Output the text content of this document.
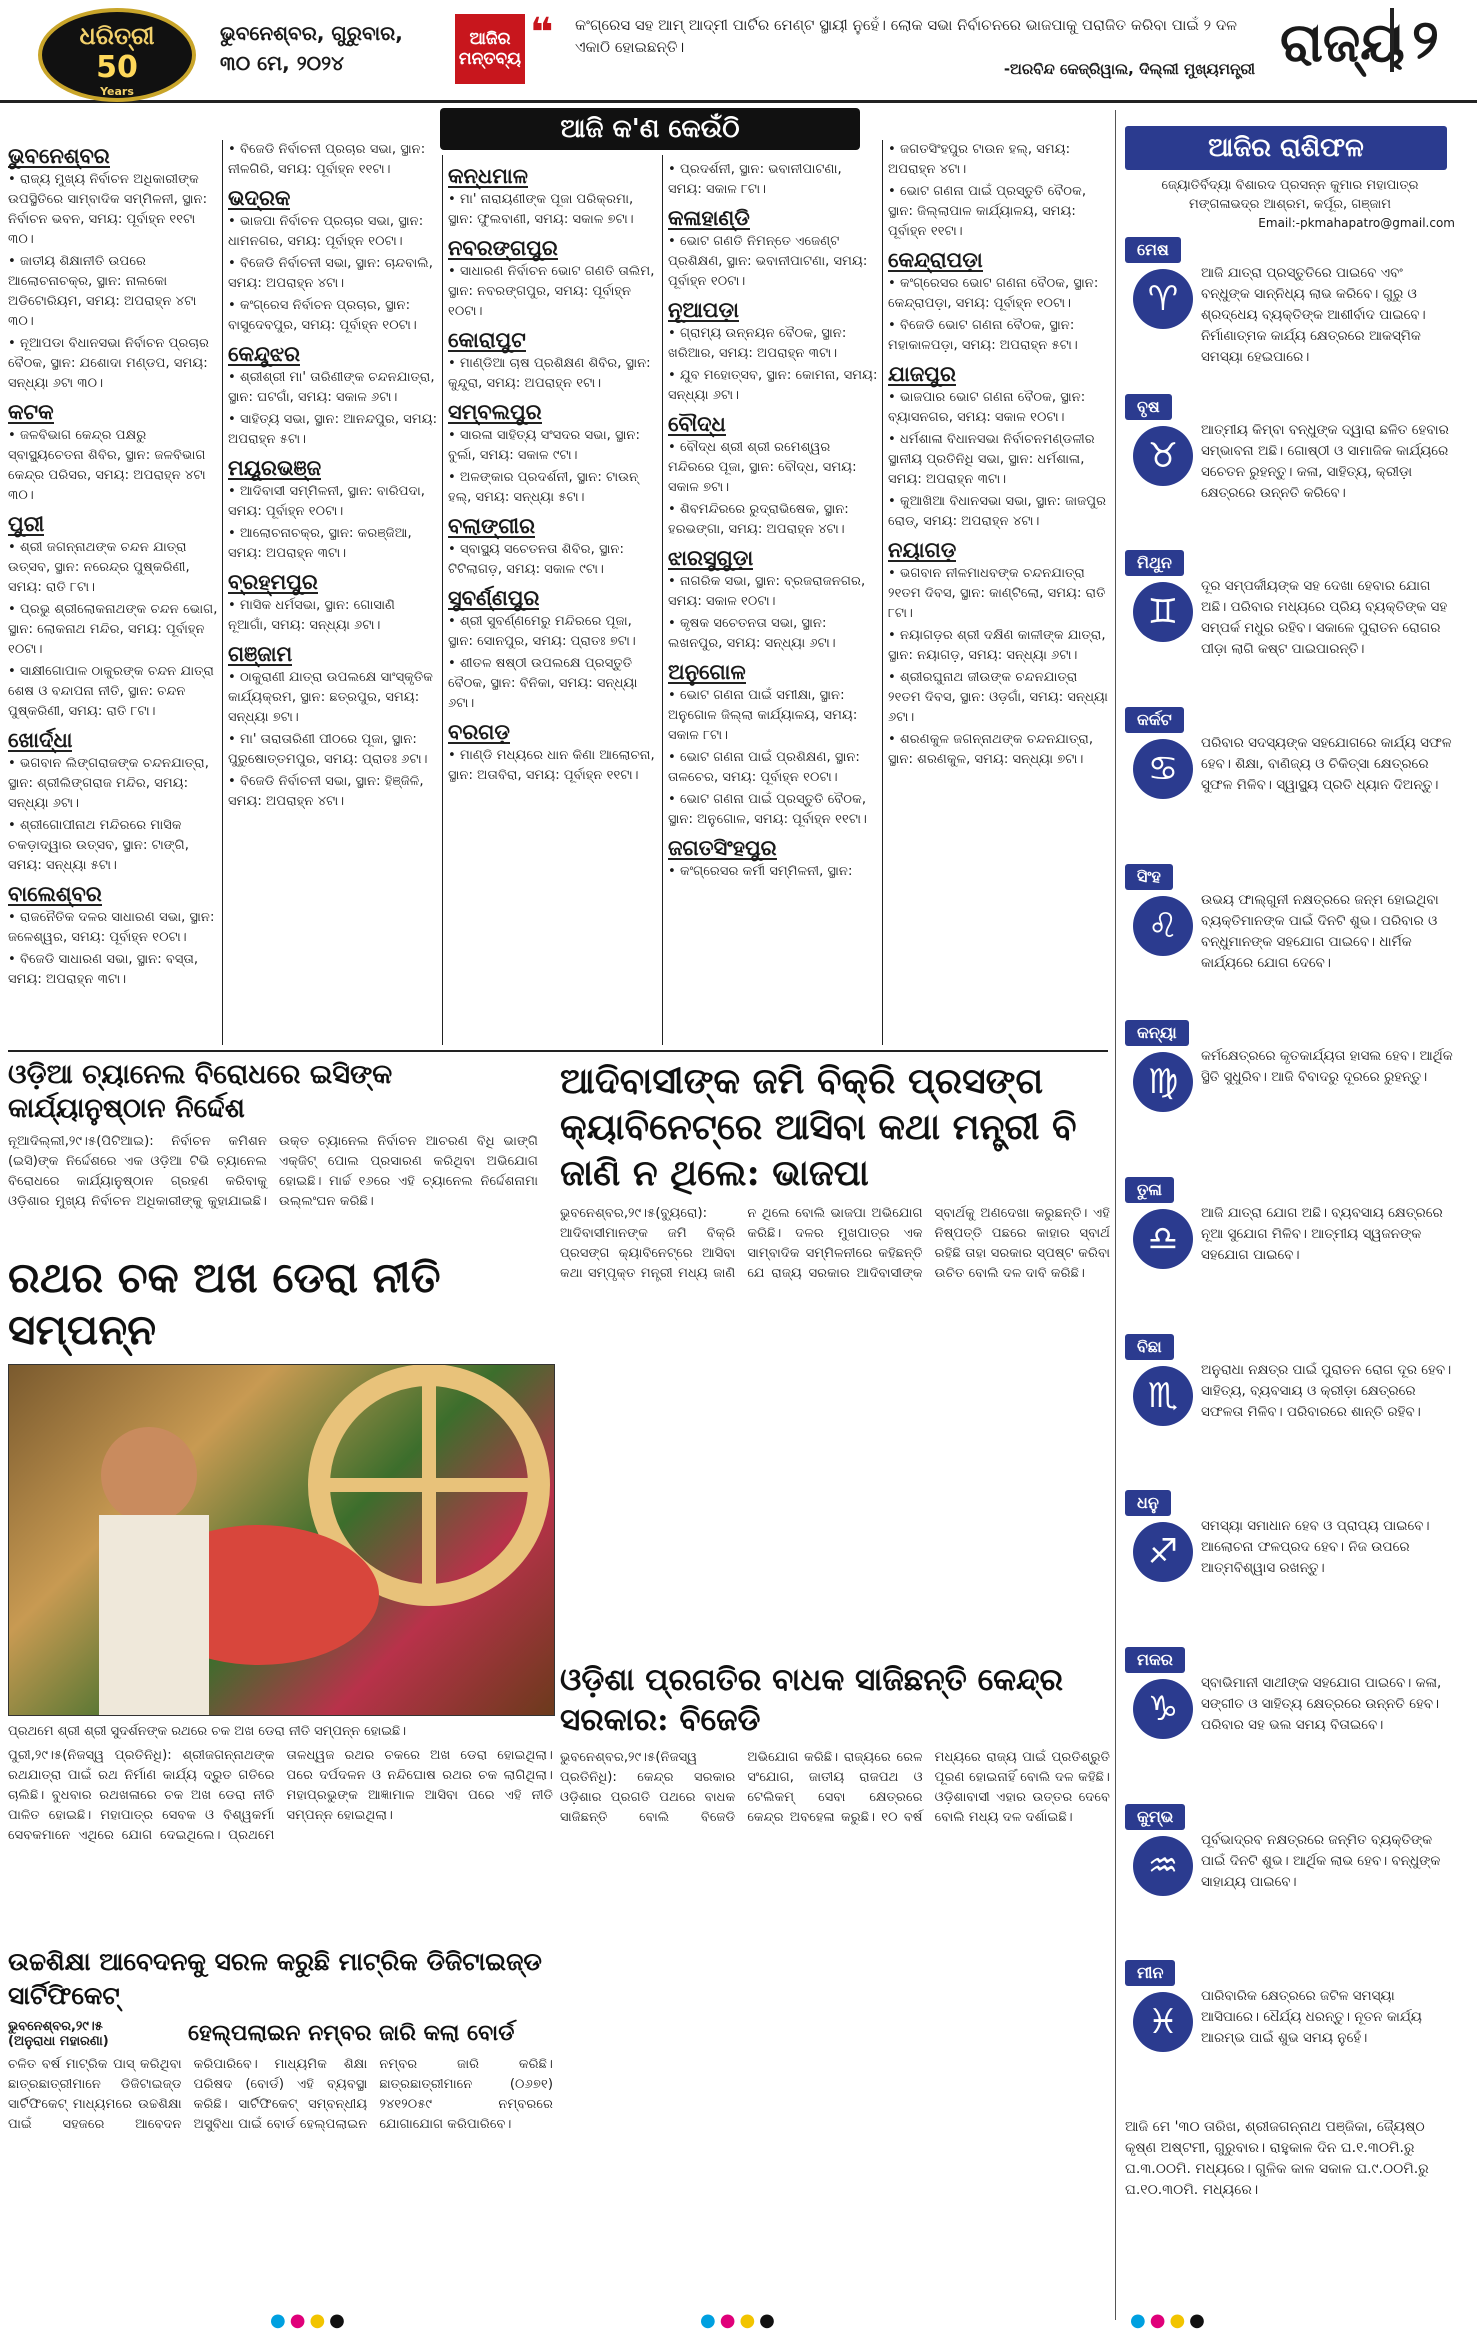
ଧରିତ୍ରୀ
50
Years
ଭୁବନେଶ୍ବର, ଗୁରୁବାର,
୩୦ ମେ, ୨୦୨୪
ଆଜିର ମନ୍ତବ୍ୟ
❝ କଂଗ୍ରେସ ସହ ଆମ୍ ଆଦ୍‌ମୀ ପାର୍ଟିର ମେଣ୍ଟ ସ୍ଥାୟୀ ନୁହେଁ। ଲୋକ ସଭା ନିର୍ବାଚନରେ ଭାଜପାକୁ ପରାଜିତ କରିବା ପାଇଁ ୨ ଦଳ ଏକାଠି ହୋଇଛନ୍ତି।
-ଅରବିନ୍ଦ କେଜ୍ରିୱାଲ, ଦିଲ୍ଲୀ ମୁଖ୍ୟମନ୍ତ୍ରୀ ରାଜ୍ୟ ୨
ଆଜି କ'ଣ କେଉଁଠି
ଭୁବନେଶ୍ବର

• ରାଜ୍ୟ ମୁଖ୍ୟ ନିର୍ବାଚନ ଅଧିକାରୀଙ୍କ ଉପସ୍ଥିତିରେ ସାମ୍ବାଦିକ ସମ୍ମିଳନୀ, ସ୍ଥାନ: ନିର୍ବାଚନ ଭବନ, ସମୟ: ପୂର୍ବାହ୍ନ ୧୧ଟା ୩୦।

• ଜାତୀୟ ଶିକ୍ଷାନୀତି ଉପରେ ଆଲୋଚନାଚକ୍ର, ସ୍ଥାନ: ନାଲକୋ ଅଡିଟୋରିୟମ, ସମୟ: ଅପରାହ୍ନ ୪ଟା ୩୦।

• ନୂଆପଡା ବିଧାନସଭା ନିର୍ବାଚନ ପ୍ରଚାର ବୈଠକ, ସ୍ଥାନ: ଯଶୋଦା ମଣ୍ଡପ, ସମୟ: ସନ୍ଧ୍ୟା ୬ଟା ୩୦।

କଟକ

• ଜଳବିଭାଗ କେନ୍ଦ୍ର ପକ୍ଷରୁ ସ୍ବାସ୍ଥ୍ୟଚେତନା ଶିବିର, ସ୍ଥାନ: ଜଳବିଭାଗ କେନ୍ଦ୍ର ପରିସର, ସମୟ: ଅପରାହ୍ନ ୪ଟା ୩୦।

ପୁରୀ

• ଶ୍ରୀ ଜଗନ୍ନାଥଙ୍କ ଚନ୍ଦନ ଯାତ୍ରା ଉତ୍ସବ, ସ୍ଥାନ: ନରେନ୍ଦ୍ର ପୁଷ୍କରିଣୀ, ସମୟ: ରାତି ୮ଟା।

• ପ୍ରଭୁ ଶ୍ରୀଲୋକନାଥଙ୍କ ଚନ୍ଦନ ଭୋଗ, ସ୍ଥାନ: ଲୋକନାଥ ମନ୍ଦିର, ସମୟ: ପୂର୍ବାହ୍ନ ୧୦ଟା।

• ସାକ୍ଷୀଗୋପାଳ ଠାକୁରଙ୍କ ଚନ୍ଦନ ଯାତ୍ରା ଶେଷ ଓ ବନ୍ଦାପନା ନୀତି, ସ୍ଥାନ: ଚନ୍ଦନ ପୁଷ୍କରିଣୀ, ସମୟ: ରାତି ୮ଟା।

ଖୋର୍ଦ୍ଧା

• ଭଗବାନ ଲିଙ୍ଗରାଜଙ୍କ ଚନ୍ଦନଯାତ୍ରା, ସ୍ଥାନ: ଶ୍ରୀଲିଙ୍ଗରାଜ ମନ୍ଦିର, ସମୟ: ସନ୍ଧ୍ୟା ୬ଟା।

• ଶ୍ରୀଗୋପୀନାଥ ମନ୍ଦିରରେ ମାସିକ ଚକଡ଼ାଦ୍ୱାର ଉତ୍ସବ, ସ୍ଥାନ: ଟାଙ୍ଗି, ସମୟ: ସନ୍ଧ୍ୟା ୫ଟା।

ବାଲେଶ୍ବର

• ରାଜନୈତିକ ଦଳର ସାଧାରଣ ସଭା, ସ୍ଥାନ: ଜଳେଶ୍ୱର, ସମୟ: ପୂର୍ବାହ୍ନ ୧୦ଟା।

• ବିଜେଡି ସାଧାରଣ ସଭା, ସ୍ଥାନ: ବସ୍ତା, ସମୟ: ଅପରାହ୍ନ ୩ଟା।

• ବିଜେଡି ନିର୍ବାଚନୀ ପ୍ରଚାର ସଭା, ସ୍ଥାନ: ନୀଳଗିରି, ସମୟ: ପୂର୍ବାହ୍ନ ୧୧ଟା।

ଭଦ୍ରକ

• ଭାଜପା ନିର୍ବାଚନ ପ୍ରଚାର ସଭା, ସ୍ଥାନ: ଧାମନଗର, ସମୟ: ପୂର୍ବାହ୍ନ ୧୦ଟା।

• ବିଜେଡି ନିର୍ବାଚନୀ ସଭା, ସ୍ଥାନ: ଚାନ୍ଦବାଲି, ସମୟ: ଅପରାହ୍ନ ୪ଟା।

• କଂଗ୍ରେସ ନିର୍ବାଚନ ପ୍ରଚାର, ସ୍ଥାନ: ବାସୁଦେବପୁର, ସମୟ: ପୂର୍ବାହ୍ନ ୧୦ଟା।

କେନ୍ଦୁଝର

• ଶ୍ରୀଶ୍ରୀ ମା' ତାରିଣୀଙ୍କ ଚନ୍ଦନଯାତ୍ରା, ସ୍ଥାନ: ଘଟଗାଁ, ସମୟ: ସକାଳ ୬ଟା।

• ସାହିତ୍ୟ ସଭା, ସ୍ଥାନ: ଆନନ୍ଦପୁର, ସମୟ: ଅପରାହ୍ନ ୫ଟା।

ମୟୂରଭଞ୍ଜ

• ଆଦିବାସୀ ସମ୍ମିଳନୀ, ସ୍ଥାନ: ବାରିପଦା, ସମୟ: ପୂର୍ବାହ୍ନ ୧୦ଟା।

• ଆଲୋଚନାଚକ୍ର, ସ୍ଥାନ: କରଞ୍ଜିଆ, ସମୟ: ଅପରାହ୍ନ ୩ଟା।

ବ୍ରହ୍ମପୁର

• ମାସିକ ଧର୍ମସଭା, ସ୍ଥାନ: ଗୋସାଣି ନୂଆଗାଁ, ସମୟ: ସନ୍ଧ୍ୟା ୬ଟା।

ଗଞ୍ଜାମ

• ଠାକୁରାଣୀ ଯାତ୍ରା ଉପଲକ୍ଷେ ସାଂସ୍କୃତିକ କାର୍ଯ୍ୟକ୍ରମ, ସ୍ଥାନ: ଛତ୍ରପୁର, ସମୟ: ସନ୍ଧ୍ୟା ୭ଟା।

• ମା' ତାରାତାରିଣୀ ପୀଠରେ ପୂଜା, ସ୍ଥାନ: ପୁରୁଷୋତ୍ତମପୁର, ସମୟ: ପ୍ରାତଃ ୬ଟା।

• ବିଜେଡି ନିର୍ବାଚନୀ ସଭା, ସ୍ଥାନ: ହିଞ୍ଜିଳି, ସମୟ: ଅପରାହ୍ନ ୪ଟା।

କନ୍ଧମାଳ

• ମା' ନାରାୟଣୀଙ୍କ ପୂଜା ପରିକ୍ରମା, ସ୍ଥାନ: ଫୁଲବାଣୀ, ସମୟ: ସକାଳ ୭ଟା।

ନବରଙ୍ଗପୁର

• ସାଧାରଣ ନିର୍ବାଚନ ଭୋଟ ଗଣତି ତାଲିମ, ସ୍ଥାନ: ନବରଙ୍ଗପୁର, ସମୟ: ପୂର୍ବାହ୍ନ ୧୦ଟା।

କୋରାପୁଟ

• ମାଣ୍ଡିଆ ଚାଷ ପ୍ରଶିକ୍ଷଣ ଶିବିର, ସ୍ଥାନ: କୁନ୍ଦୁରା, ସମୟ: ଅପରାହ୍ନ ୧ଟା।

ସମ୍ବଲପୁର

• ସାରଳା ସାହିତ୍ୟ ସଂସଦର ସଭା, ସ୍ଥାନ: ବୁର୍ଲା, ସମୟ: ସକାଳ ୯ଟା।

• ଅଳଙ୍କାର ପ୍ରଦର୍ଶନୀ, ସ୍ଥାନ: ଟାଉନ୍ ହଲ୍, ସମୟ: ସନ୍ଧ୍ୟା ୫ଟା।

ବଲାଙ୍ଗୀର

• ସ୍ବାସ୍ଥ୍ୟ ସଚେତନତା ଶିବିର, ସ୍ଥାନ: ଟିଟିଲାଗଡ଼, ସମୟ: ସକାଳ ୯ଟା।

ସୁବର୍ଣ୍ଣପୁର

• ଶ୍ରୀ ସୁବର୍ଣ୍ଣମେରୁ ମନ୍ଦିରରେ ପୂଜା, ସ୍ଥାନ: ସୋନପୁର, ସମୟ: ପ୍ରାତଃ ୭ଟା।

• ଶୀତଳ ଷଷ୍ଠୀ ଉପଲକ୍ଷେ ପ୍ରସ୍ତୁତି ବୈଠକ, ସ୍ଥାନ: ବିନିକା, ସମୟ: ସନ୍ଧ୍ୟା ୬ଟା।

ବରଗଡ଼

• ମାଣ୍ଡି ମଧ୍ୟରେ ଧାନ କିଣା ଆଲୋଚନା, ସ୍ଥାନ: ଅତାବିରା, ସମୟ: ପୂର୍ବାହ୍ନ ୧୧ଟା।

• ପ୍ରଦର୍ଶନୀ, ସ୍ଥାନ: ଭବାନୀପାଟଣା, ସମୟ: ସକାଳ ୮ଟା।

କଳାହାଣ୍ଡି

• ଭୋଟ ଗଣତି ନିମନ୍ତେ ଏଜେଣ୍ଟ ପ୍ରଶିକ୍ଷଣ, ସ୍ଥାନ: ଭବାନୀପାଟଣା, ସମୟ: ପୂର୍ବାହ୍ନ ୧୦ଟା।

ନୂଆପଡ଼ା

• ଗ୍ରାମ୍ୟ ଉନ୍ନୟନ ବୈଠକ, ସ୍ଥାନ: ଖରିଆର, ସମୟ: ଅପରାହ୍ନ ୩ଟା।

• ଯୁବ ମହୋତ୍ସବ, ସ୍ଥାନ: କୋମନା, ସମୟ: ସନ୍ଧ୍ୟା ୬ଟା।

ବୌଦ୍ଧ

• ବୌଦ୍ଧ ଶ୍ରୀ ଶ୍ରୀ ରମେଶ୍ୱର ମନ୍ଦିରରେ ପୂଜା, ସ୍ଥାନ: ବୌଦ୍ଧ, ସମୟ: ସକାଳ ୭ଟା।

• ଶିବମନ୍ଦିରରେ ରୁଦ୍ରାଭିଷେକ, ସ୍ଥାନ: ହରଭଙ୍ଗା, ସମୟ: ଅପରାହ୍ନ ୪ଟା।

ଝାରସୁଗୁଡ଼ା

• ନାଗରିକ ସଭା, ସ୍ଥାନ: ବ୍ରଜରାଜନଗର, ସମୟ: ସକାଳ ୧୦ଟା।

• କୃଷକ ସଚେତନତା ସଭା, ସ୍ଥାନ: ଲଖନପୁର, ସମୟ: ସନ୍ଧ୍ୟା ୬ଟା।

ଅନୁଗୋଳ

• ଭୋଟ ଗଣନା ପାଇଁ ସମୀକ୍ଷା, ସ୍ଥାନ: ଅନୁଗୋଳ ଜିଲ୍ଲା କାର୍ଯ୍ୟାଳୟ, ସମୟ: ସକାଳ ୮ଟା।

• ଭୋଟ ଗଣନା ପାଇଁ ପ୍ରଶିକ୍ଷଣ, ସ୍ଥାନ: ତାଳଚେର, ସମୟ: ପୂର୍ବାହ୍ନ ୧୦ଟା।

• ଭୋଟ ଗଣନା ପାଇଁ ପ୍ରସ୍ତୁତି ବୈଠକ, ସ୍ଥାନ: ଅନୁଗୋଳ, ସମୟ: ପୂର୍ବାହ୍ନ ୧୧ଟା।

ଜଗତସିଂହପୁର

• କଂଗ୍ରେସର କର୍ମୀ ସମ୍ମିଳନୀ, ସ୍ଥାନ:

• ଜଗତସିଂହପୁର ଟାଉନ ହଲ୍, ସମୟ: ଅପରାହ୍ନ ୪ଟା।

• ଭୋଟ ଗଣନା ପାଇଁ ପ୍ରସ୍ତୁତି ବୈଠକ, ସ୍ଥାନ: ଜିଲ୍ଲାପାଳ କାର୍ଯ୍ୟାଳୟ, ସମୟ: ପୂର୍ବାହ୍ନ ୧୧ଟା।

କେନ୍ଦ୍ରାପଡ଼ା

• କଂଗ୍ରେସର ଭୋଟ ଗଣନା ବୈଠକ, ସ୍ଥାନ: କେନ୍ଦ୍ରାପଡ଼ା, ସମୟ: ପୂର୍ବାହ୍ନ ୧୦ଟା।

• ବିଜେଡି ଭୋଟ ଗଣନା ବୈଠକ, ସ୍ଥାନ: ମହାକାଳପଡ଼ା, ସମୟ: ଅପରାହ୍ନ ୫ଟା।

ଯାଜପୁର

• ଭାଜପାର ଭୋଟ ଗଣନା ବୈଠକ, ସ୍ଥାନ: ବ୍ୟାସନଗର, ସମୟ: ସକାଳ ୧୦ଟା।

• ଧର୍ମଶାଳା ବିଧାନସଭା ନିର୍ବାଚନମଣ୍ଡଳୀର ସ୍ଥାନୀୟ ପ୍ରତିନିଧି ସଭା, ସ୍ଥାନ: ଧର୍ମଶାଳା, ସମୟ: ଅପରାହ୍ନ ୩ଟା।

• କୁଆଖିଆ ବିଧାନସଭା ସଭା, ସ୍ଥାନ: ଜାଜପୁର ରୋଡ୍, ସମୟ: ଅପରାହ୍ନ ୪ଟା।

ନୟାଗଡ଼

• ଭଗବାନ ନୀଳମାଧବଙ୍କ ଚନ୍ଦନଯାତ୍ରା ୨୧ତମ ଦିବସ, ସ୍ଥାନ: କାଣ୍ଟିଲୋ, ସମୟ: ରାତି ୮ଟା।

• ନୟାଗଡ଼ର ଶ୍ରୀ ଦକ୍ଷିଣ କାଳୀଙ୍କ ଯାତ୍ରା, ସ୍ଥାନ: ନୟାଗଡ଼, ସମୟ: ସନ୍ଧ୍ୟା ୬ଟା।

• ଶ୍ରୀରଘୁନାଥ ଜୀଉଙ୍କ ଚନ୍ଦନଯାତ୍ରା ୨୧ତମ ଦିବସ, ସ୍ଥାନ: ଓଡ଼ଗାଁ, ସମୟ: ସନ୍ଧ୍ୟା ୬ଟା।

• ଶରଣକୁଳ ଜଗନ୍ନାଥଙ୍କ ଚନ୍ଦନଯାତ୍ରା, ସ୍ଥାନ: ଶରଣକୁଳ, ସମୟ: ସନ୍ଧ୍ୟା ୭ଟା।

ଓଡ଼ିଆ ଚ୍ୟାନେଲ ବିରୋଧରେ ଇସିଙ୍କ କାର୍ଯ୍ୟାନୁଷ୍ଠାନ ନିର୍ଦ୍ଦେଶ
ନୂଆଦିଲ୍ଲୀ,୨୯।୫(ପିଟିଆଇ): ନିର୍ବାଚନ କମିଶନ (ଇସି)ଙ୍କ ନିର୍ଦ୍ଦେଶରେ ଏକ ଓଡ଼ିଆ ଟିଭି ଚ୍ୟାନେଲ ବିରୋଧରେ କାର୍ଯ୍ୟାନୁଷ୍ଠାନ ଗ୍ରହଣ କରିବାକୁ ଓଡ଼ିଶାର ମୁଖ୍ୟ ନିର୍ବାଚନ ଅଧିକାରୀଙ୍କୁ କୁହାଯାଇଛି। ଉକ୍ତ ଚ୍ୟାନେଲ ନିର୍ବାଚନ ଆଚରଣ ବିଧି ଭାଙ୍ଗି ଏକ୍‌ଜିଟ୍ ପୋଲ ପ୍ରସାରଣ କରିଥିବା ଅଭିଯୋଗ ହୋଇଛି। ମାର୍ଚ୍ଚ ୧୬ରେ ଏହି ଚ୍ୟାନେଲ ନିର୍ଦ୍ଦେଶନାମା ଉଲ୍ଲଂଘନ କରିଛି।
ରଥର ଚକ ଅଖ ଡେରା ନୀତି ସମ୍ପନ୍ନ
ପ୍ରଥମେ ଶ୍ରୀ ଶ୍ରୀ ସୁଦର୍ଶନଙ୍କ ରଥରେ ଚକ ଅଖ ଡେରା ନୀତି ସମ୍ପନ୍ନ ହୋଇଛି।
ପୁରୀ,୨୯।୫(ନିଜସ୍ୱ ପ୍ରତିନିଧି): ଶ୍ରୀଜଗନ୍ନାଥଙ୍କ ରଥଯାତ୍ରା ପାଇଁ ରଥ ନିର୍ମାଣ କାର୍ଯ୍ୟ ଦ୍ରୁତ ଗତିରେ ଚାଲିଛି। ବୁଧବାର ରଥଖଳାରେ ଚକ ଅଖ ଡେରା ନୀତି ପାଳିତ ହୋଇଛି। ମହାପାତ୍ର ସେବକ ଓ ବିଶ୍ୱକର୍ମା ସେବକମାନେ ଏଥିରେ ଯୋଗ ଦେଇଥିଲେ। ପ୍ରଥମେ ତାଳଧ୍ୱଜ ରଥର ଚକରେ ଅଖ ଡେରା ହୋଇଥିଲା। ପରେ ଦର୍ପଦଳନ ଓ ନନ୍ଦିଘୋଷ ରଥର ଚକ ଲାଗିଥିଲା। ମହାପ୍ରଭୁଙ୍କ ଆଜ୍ଞାମାଳ ଆସିବା ପରେ ଏହି ନୀତି ସମ୍ପନ୍ନ ହୋଇଥିଲା।
ଆଦିବାସୀଙ୍କ ଜମି ବିକ୍ରି ପ୍ରସଙ୍ଗ କ୍ୟାବିନେଟ୍‌ରେ ଆସିବା କଥା ମନ୍ତ୍ରୀ ବି ଜାଣି ନ ଥିଲେ: ଭାଜପା
ଭୁବନେଶ୍ବର,୨୯।୫(ବ୍ୟୁରୋ): ଆଦିବାସୀମାନଙ୍କ ଜମି ବିକ୍ରି ପ୍ରସଙ୍ଗ କ୍ୟାବିନେଟ୍‌ରେ ଆସିବା କଥା ସମ୍ପୃକ୍ତ ମନ୍ତ୍ରୀ ମଧ୍ୟ ଜାଣି ନ ଥିଲେ ବୋଲି ଭାଜପା ଅଭିଯୋଗ କରିଛି। ଦଳର ମୁଖପାତ୍ର ଏକ ସାମ୍ବାଦିକ ସମ୍ମିଳନୀରେ କହିଛନ୍ତି ଯେ ରାଜ୍ୟ ସରକାର ଆଦିବାସୀଙ୍କ ସ୍ବାର୍ଥକୁ ଅଣଦେଖା କରୁଛନ୍ତି। ଏହି ନିଷ୍ପତ୍ତି ପଛରେ କାହାର ସ୍ବାର୍ଥ ରହିଛି ତାହା ସରକାର ସ୍ପଷ୍ଟ କରିବା ଉଚିତ ବୋଲି ଦଳ ଦାବି କରିଛି।
ଓଡ଼ିଶା ପ୍ରଗତିର ବାଧକ ସାଜିଛନ୍ତି କେନ୍ଦ୍ର ସରକାର: ବିଜେଡି
ଭୁବନେଶ୍ବର,୨୯।୫(ନିଜସ୍ୱ ପ୍ରତିନିଧି): କେନ୍ଦ୍ର ସରକାର ଓଡ଼ିଶାର ପ୍ରଗତି ପଥରେ ବାଧକ ସାଜିଛନ୍ତି ବୋଲି ବିଜେଡି ଅଭିଯୋଗ କରିଛି। ରାଜ୍ୟରେ ରେଳ ସଂଯୋଗ, ଜାତୀୟ ରାଜପଥ ଓ ଟେଲିକମ୍ ସେବା କ୍ଷେତ୍ରରେ କେନ୍ଦ୍ର ଅବହେଳା କରୁଛି। ୧୦ ବର୍ଷ ମଧ୍ୟରେ ରାଜ୍ୟ ପାଇଁ ପ୍ରତିଶ୍ରୁତି ପୂରଣ ହୋଇନାହିଁ ବୋଲି ଦଳ କହିଛି। ଓଡ଼ିଶାବାସୀ ଏହାର ଉତ୍ତର ଦେବେ ବୋଲି ମଧ୍ୟ ଦଳ ଦର୍ଶାଇଛି।
ଉଚ୍ଚଶିକ୍ଷା ଆବେଦନକୁ ସରଳ କରୁଛି ମାଟ୍ରିକ ଡିଜିଟାଇଜ୍‌ଡ ସାର୍ଟିଫିକେଟ୍
ଭୁବନେଶ୍ବର,୨୯।୫
(ଅନୁରାଧା ମହାରଣା)	ହେଲ୍ପଲାଇନ ନମ୍ବର ଜାରି କଲା ବୋର୍ଡ
ଚଳିତ ବର୍ଷ ମାଟ୍ରିକ ପାସ୍ କରିଥିବା ଛାତ୍ରଛାତ୍ରୀମାନେ ଡିଜିଟାଇଜ୍‌ଡ ସାର୍ଟିଫିକେଟ୍ ମାଧ୍ୟମରେ ଉଚ୍ଚଶିକ୍ଷା ପାଇଁ ସହଜରେ ଆବେଦନ କରିପାରିବେ। ମାଧ୍ୟମିକ ଶିକ୍ଷା ପରିଷଦ (ବୋର୍ଡ) ଏହି ବ୍ୟବସ୍ଥା କରିଛି। ସାର୍ଟିଫିକେଟ୍ ସମ୍ବନ୍ଧୀୟ ଅସୁବିଧା ପାଇଁ ବୋର୍ଡ ହେଲ୍ପଲାଇନ ନମ୍ବର ଜାରି କରିଛି। ଛାତ୍ରଛାତ୍ରୀମାନେ (୦୬୭୧) ୨୪୧୨୦୫୯ ନମ୍ବରରେ ଯୋଗାଯୋଗ କରିପାରିବେ।
ଆଜିର ରାଶିଫଳ
ଜ୍ୟୋତିର୍ବିଦ୍ୟା ବିଶାରଦ ପ୍ରସନ୍ନ କୁମାର ମହାପାତ୍ର
ମଙ୍ଗଳାଭଦ୍ର ଆଶ୍ରମ, କର୍ପୂର, ଗଞ୍ଜାମ
Email:-pkmahapatro@gmail.com
ମେଷ
♈
ଆଜି ଯାତ୍ରା ପ୍ରସ୍ତୁତିରେ ପାଇବେ ଏବଂ ବନ୍ଧୁଙ୍କ ସାନ୍ନିଧ୍ୟ ଲାଭ କରିବେ। ଗୁରୁ ଓ ଶ୍ରଦ୍ଧେୟ ବ୍ୟକ୍ତିଙ୍କ ଆଶୀର୍ବାଦ ପାଇବେ। ନିର୍ମାଣାତ୍ମକ କାର୍ଯ୍ୟ କ୍ଷେତ୍ରରେ ଆକସ୍ମିକ ସମସ୍ୟା ହେଇପାରେ।
ବୃଷ
♉
ଆତ୍ମୀୟ କିମ୍ବା ବନ୍ଧୁଙ୍କ ଦ୍ୱାରା ଛଳିତ ହେବାର ସମ୍ଭାବନା ଅଛି। ଗୋଷ୍ଠୀ ଓ ସାମାଜିକ କାର୍ଯ୍ୟରେ ସଚେତନ ରୁହନ୍ତୁ। କଳା, ସାହିତ୍ୟ, କ୍ରୀଡ଼ା କ୍ଷେତ୍ରରେ ଉନ୍ନତି କରିବେ।
ମିଥୁନ
♊
ଦୂର ସମ୍ପର୍କୀୟଙ୍କ ସହ ଦେଖା ହେବାର ଯୋଗ ଅଛି। ପରିବାର ମଧ୍ୟରେ ପ୍ରିୟ ବ୍ୟକ୍ତିଙ୍କ ସହ ସମ୍ପର୍କ ମଧୁର ରହିବ। ସକାଳେ ପୁରାତନ ରୋଗର ପୀଡ଼ା ଲାଗି କଷ୍ଟ ପାଇପାରନ୍ତି।
କର୍କଟ
♋
ପରିବାର ସଦସ୍ୟଙ୍କ ସହଯୋଗରେ କାର୍ଯ୍ୟ ସଫଳ ହେବ। ଶିକ୍ଷା, ବାଣିଜ୍ୟ ଓ ଚିକିତ୍ସା କ୍ଷେତ୍ରରେ ସୁଫଳ ମିଳିବ। ସ୍ୱାସ୍ଥ୍ୟ ପ୍ରତି ଧ୍ୟାନ ଦିଅନ୍ତୁ।
ସିଂହ
♌
ଉଭୟ ଫାଲ୍‌ଗୁନୀ ନକ୍ଷତ୍ରରେ ଜନ୍ମ ହୋଇଥିବା ବ୍ୟକ୍ତିମାନଙ୍କ ପାଇଁ ଦିନଟି ଶୁଭ। ପରିବାର ଓ ବନ୍ଧୁମାନଙ୍କ ସହଯୋଗ ପାଇବେ। ଧାର୍ମିକ କାର୍ଯ୍ୟରେ ଯୋଗ ଦେବେ।
କନ୍ୟା
♍
କର୍ମକ୍ଷେତ୍ରରେ କୃତକାର୍ଯ୍ୟତା ହାସଲ ହେବ। ଆର୍ଥିକ ସ୍ଥିତି ସୁଧୁରିବ। ଆଜି ବିବାଦରୁ ଦୂରରେ ରୁହନ୍ତୁ।
ତୁଳା
♎
ଆଜି ଯାତ୍ରା ଯୋଗ ଅଛି। ବ୍ୟବସାୟ କ୍ଷେତ୍ରରେ ନୂଆ ସୁଯୋଗ ମିଳିବ। ଆତ୍ମୀୟ ସ୍ୱଜନଙ୍କ ସହଯୋଗ ପାଇବେ।
ବିଛା
♏
ଅନୁରାଧା ନକ୍ଷତ୍ର ପାଇଁ ପୁରାତନ ରୋଗ ଦୂର ହେବ। ସାହିତ୍ୟ, ବ୍ୟବସାୟ ଓ କ୍ରୀଡ଼ା କ୍ଷେତ୍ରରେ ସଫଳତା ମିଳିବ। ପରିବାରରେ ଶାନ୍ତି ରହିବ।
ଧନୁ
♐
ସମସ୍ୟା ସମାଧାନ ହେବ ଓ ପ୍ରାପ୍ୟ ପାଇବେ। ଆଲୋଚନା ଫଳପ୍ରଦ ହେବ। ନିଜ ଉପରେ ଆତ୍ମବିଶ୍ୱାସ ରଖନ୍ତୁ।
ମକର
♑
ସ୍ବାଭିମାନୀ ସାଥୀଙ୍କ ସହଯୋଗ ପାଇବେ। କଳା, ସଙ୍ଗୀତ ଓ ସାହିତ୍ୟ କ୍ଷେତ୍ରରେ ଉନ୍ନତି ହେବ। ପରିବାର ସହ ଭଲ ସମୟ ବିତାଇବେ।
କୁମ୍ଭ
♒
ପୂର୍ବଭାଦ୍ରବ ନକ୍ଷତ୍ରରେ ଜନ୍ମିତ ବ୍ୟକ୍ତିଙ୍କ ପାଇଁ ଦିନଟି ଶୁଭ। ଆର୍ଥିକ ଲାଭ ହେବ। ବନ୍ଧୁଙ୍କ ସାହାଯ୍ୟ ପାଇବେ।
ମୀନ
♓
ପାରିବାରିକ କ୍ଷେତ୍ରରେ ଜଟିଳ ସମସ୍ୟା ଆସିପାରେ। ଧୈର୍ଯ୍ୟ ଧରନ୍ତୁ। ନୂତନ କାର୍ଯ୍ୟ ଆରମ୍ଭ ପାଇଁ ଶୁଭ ସମୟ ନୁହେଁ।
ଆଜି ମେ '୩୦ ତାରିଖ, ଶ୍ରୀଜଗନ୍ନାଥ ପଞ୍ଜିକା, ଜ୍ୟୈଷ୍ଠ କୃଷ୍ଣ ଅଷ୍ଟମୀ, ଗୁରୁବାର। ରାହୁକାଳ ଦିନ ଘ.୧.୩୦ମି.ରୁ ଘ.୩.୦୦ମି. ମଧ୍ୟରେ। ଗୁଳିକ କାଳ ସକାଳ ଘ.୯.୦୦ମି.ରୁ ଘ.୧୦.୩୦ମି. ମଧ୍ୟରେ।
●●●●	●●●●	●●●●
